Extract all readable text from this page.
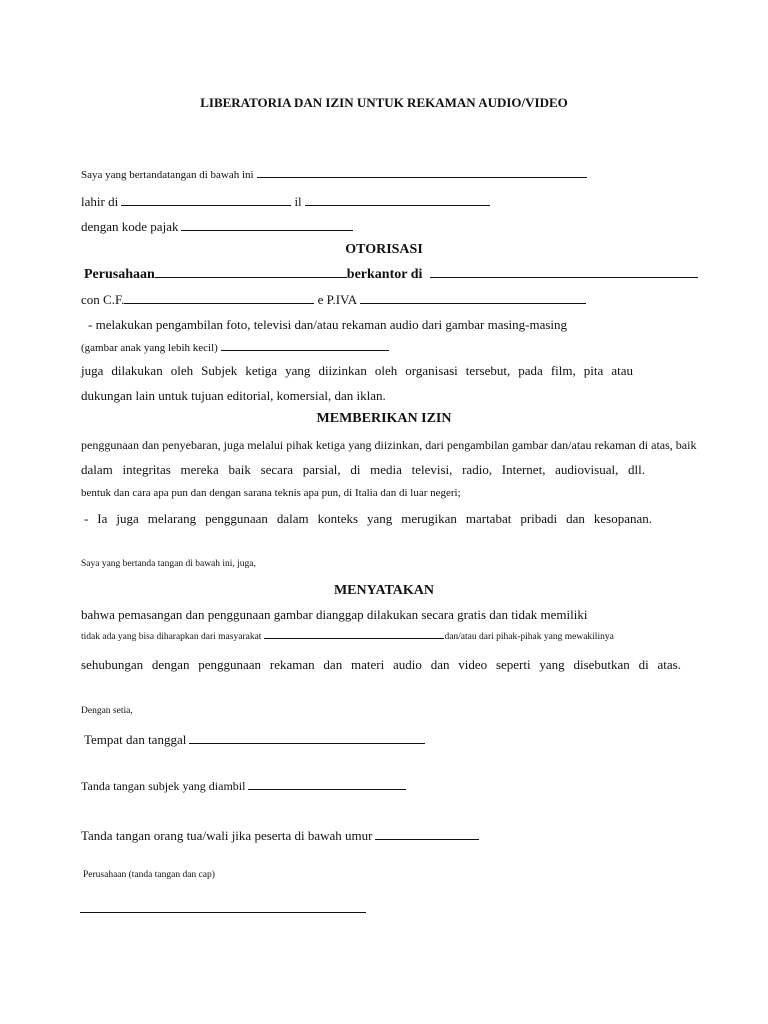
LIBERATORIA DAN IZIN UNTUK REKAMAN AUDIO/VIDEO
Saya yang bertandatangan di bawah ini
lahir di	il
dengan kode pajak
OTORISASI
Perusahaan	berkantor di
con C.F.	e P.IVA
- melakukan pengambilan foto, televisi dan/atau rekaman audio dari gambar masing-masing
(gambar anak yang lebih kecil)
juga dilakukan oleh Subjek ketiga yang diizinkan oleh organisasi tersebut, pada film, pita atau
dukungan lain untuk tujuan editorial, komersial, dan iklan.
MEMBERIKAN IZIN
penggunaan dan penyebaran, juga melalui pihak ketiga yang diizinkan, dari pengambilan gambar dan/atau rekaman di atas, baik
dalam integritas mereka baik secara parsial, di media televisi, radio, Internet, audiovisual, dll.
bentuk dan cara apa pun dan dengan sarana teknis apa pun, di Italia dan di luar negeri;
- Ia juga melarang penggunaan dalam konteks yang merugikan martabat pribadi dan kesopanan.
Saya yang bertanda tangan di bawah ini, juga,
MENYATAKAN
bahwa pemasangan dan penggunaan gambar dianggap dilakukan secara gratis dan tidak memiliki
tidak ada yang bisa diharapkan dari masyarakat	dan/atau dari pihak-pihak yang mewakilinya
sehubungan dengan penggunaan rekaman dan materi audio dan video seperti yang disebutkan di atas.
Dengan setia,
Tempat dan tanggal
Tanda tangan subjek yang diambil
Tanda tangan orang tua/wali jika peserta di bawah umur
Perusahaan (tanda tangan dan cap)
